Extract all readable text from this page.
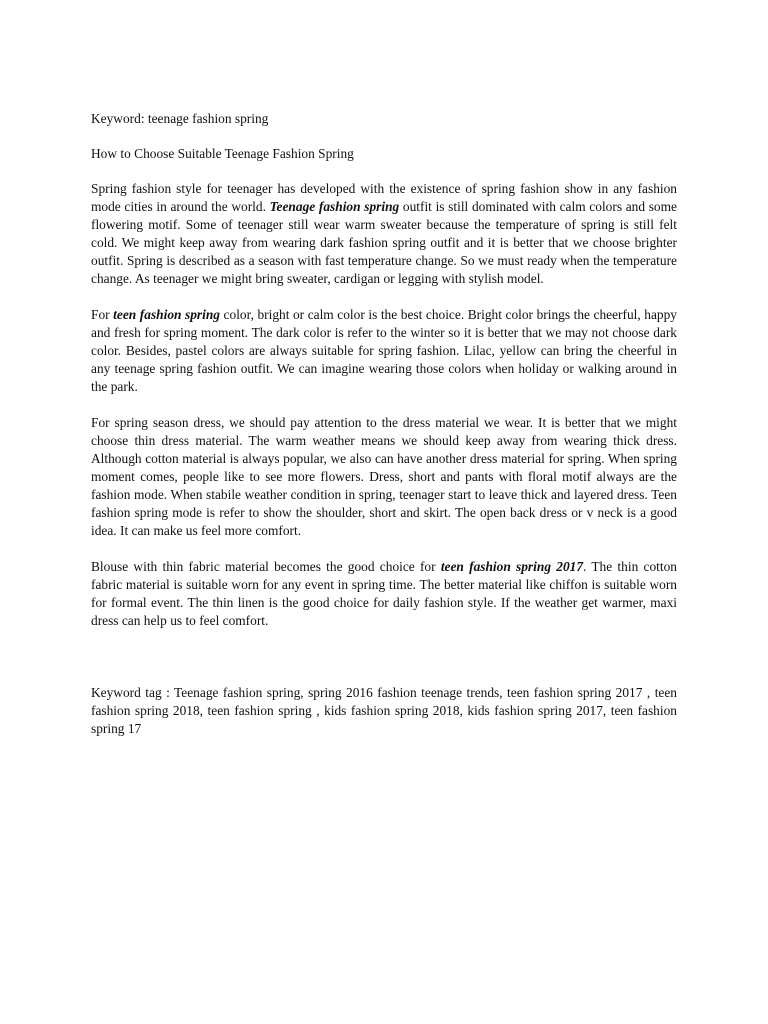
Keyword: teenage fashion spring

How to Choose Suitable Teenage Fashion Spring

Spring fashion style for teenager has developed with the existence of spring fashion show in any fashion mode cities in around the world. Teenage fashion spring outfit is still dominated with calm colors and some flowering motif. Some of teenager still wear warm sweater because the temperature of spring is still felt cold. We might keep away from wearing dark fashion spring outfit and it is better that we choose brighter outfit. Spring is described as a season with fast temperature change. So we must ready when the temperature change. As teenager we might bring sweater, cardigan or legging with stylish model.

For teen fashion spring color, bright or calm color is the best choice. Bright color brings the cheerful, happy and fresh for spring moment. The dark color is refer to the winter so it is better that we may not choose dark color. Besides, pastel colors are always suitable for spring fashion. Lilac, yellow can bring the cheerful in any teenage spring fashion outfit. We can imagine wearing those colors when holiday or walking around in the park.

For spring season dress, we should pay attention to the dress material we wear. It is better that we might choose thin dress material. The warm weather means we should keep away from wearing thick dress. Although cotton material is always popular, we also can have another dress material for spring. When spring moment comes, people like to see more flowers. Dress, short and pants with floral motif always are the fashion mode. When stabile weather condition in spring, teenager start to leave thick and layered dress. Teen fashion spring mode is refer to show the shoulder, short and skirt. The open back dress or v neck is a good idea. It can make us feel more comfort.

Blouse with thin fabric material becomes the good choice for teen fashion spring 2017. The thin cotton fabric material is suitable worn for any event in spring time. The better material like chiffon is suitable worn for formal event. The thin linen is the good choice for daily fashion style. If the weather get warmer, maxi dress can help us to feel comfort.

Keyword tag : Teenage fashion spring, spring 2016 fashion teenage trends, teen fashion spring 2017 , teen fashion spring 2018, teen fashion spring , kids fashion spring 2018, kids fashion spring 2017, teen fashion spring 17
